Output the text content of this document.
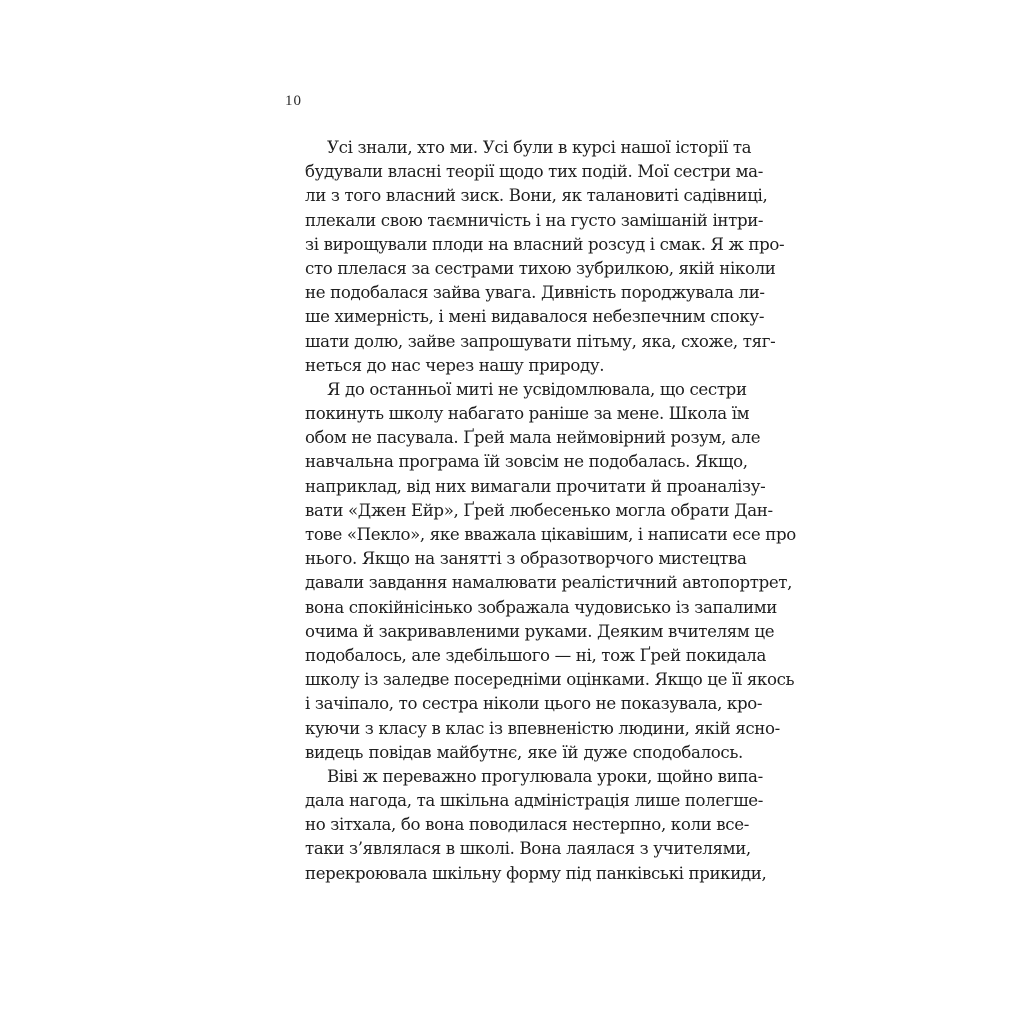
10
Усі знали, хто ми. Усі були в курсі нашої історії та
будували власні теорії щодо тих подій. Мої сестри ма-
ли з того власний зиск. Вони, як талановиті садівниці,
плекали свою таємничість і на густо замішаній інтри-
зі вирощували плоди на власний розсуд і смак. Я ж про-
сто плелася за сестрами тихою зубрилкою, якій ніколи
не подобалася зайва увага. Дивність породжувала ли-
ше химерність, і мені видавалося небезпечним споку-
шати долю, зайве запрошувати пітьму, яка, схоже, тяг-
неться до нас через нашу природу.
Я до останньої миті не усвідомлювала, що сестри
покинуть школу набагато раніше за мене. Школа їм
обом не пасувала. Ґрей мала неймовірний розум, але
навчальна програма їй зовсім не подобалась. Якщо,
наприклад, від них вимагали прочитати й проаналізу-
вати «Джен Ейр», Ґрей любесенько могла обрати Дан-
тове «Пекло», яке вважала цікавішим, і написати есе про
нього. Якщо на занятті з образотворчого мистецтва
давали завдання намалювати реалістичний автопортрет,
вона спокійнісінько зображала чудовисько із запалими
очима й закривавленими руками. Деяким вчителям це
подобалось, але здебільшого — ні, тож Ґрей покидала
школу із заледве посередніми оцінками. Якщо це її якось
і зачіпало, то сестра ніколи цього не показувала, кро-
куючи з класу в клас із впевненістю людини, якій ясно-
видець повідав майбутнє, яке їй дуже сподобалось.
Віві ж переважно прогулювала уроки, щойно випа-
дала нагода, та шкільна адміністрація лише полегше-
но зітхала, бо вона поводилася нестерпно, коли все-
таки з’являлася в школі. Вона лаялася з учителями,
перекроювала шкільну форму під панківські прикиди,
